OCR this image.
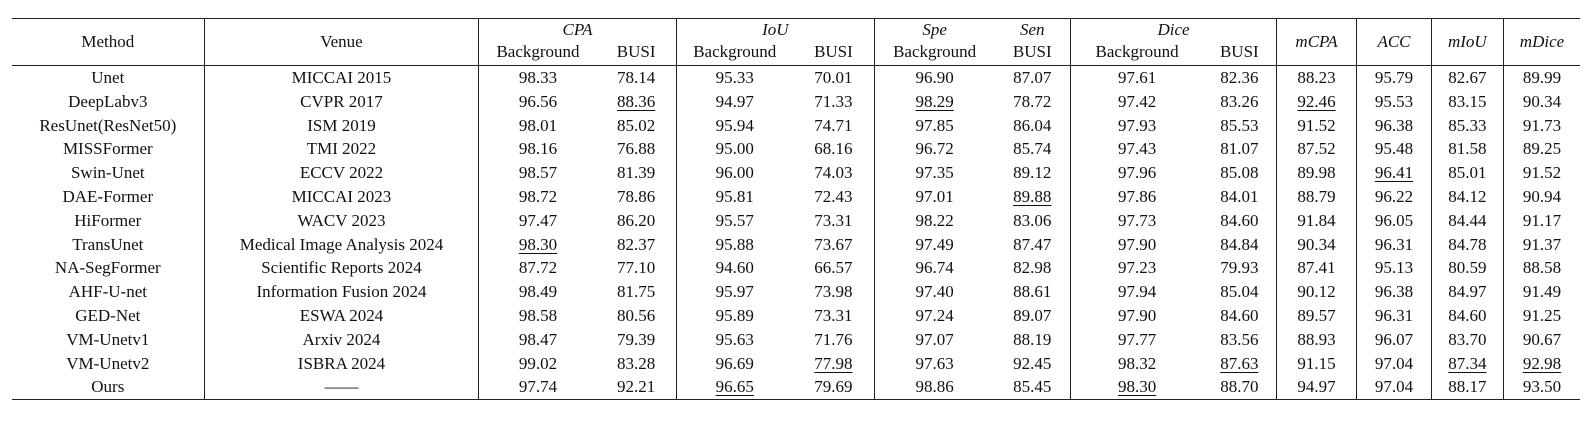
Method	Venue	CPA		IoU		Spe	Sen	Dice		mCPA	ACC	mIoU	mDice
		Background	BUSI	Background	BUSI	Background	BUSI	Background	BUSI				
Unet	MICCAI 2015	98.33	78.14	95.33	70.01	96.90	87.07	97.61	82.36	88.23	95.79	82.67	89.99
DeepLabv3	CVPR 2017	96.56	88.36	94.97	71.33	98.29	78.72	97.42	83.26	92.46	95.53	83.15	90.34
ResUnet(ResNet50)	ISM 2019	98.01	85.02	95.94	74.71	97.85	86.04	97.93	85.53	91.52	96.38	85.33	91.73
MISSFormer	TMI 2022	98.16	76.88	95.00	68.16	96.72	85.74	97.43	81.07	87.52	95.48	81.58	89.25
Swin-Unet	ECCV 2022	98.57	81.39	96.00	74.03	97.35	89.12	97.96	85.08	89.98	96.41	85.01	91.52
DAE-Former	MICCAI 2023	98.72	78.86	95.81	72.43	97.01	89.88	97.86	84.01	88.79	96.22	84.12	90.94
HiFormer	WACV 2023	97.47	86.20	95.57	73.31	98.22	83.06	97.73	84.60	91.84	96.05	84.44	91.17
TransUnet	Medical Image Analysis 2024	98.30	82.37	95.88	73.67	97.49	87.47	97.90	84.84	90.34	96.31	84.78	91.37
NA-SegFormer	Scientific Reports 2024	87.72	77.10	94.60	66.57	96.74	82.98	97.23	79.93	87.41	95.13	80.59	88.58
AHF-U-net	Information Fusion 2024	98.49	81.75	95.97	73.98	97.40	88.61	97.94	85.04	90.12	96.38	84.97	91.49
GED-Net	ESWA 2024	98.58	80.56	95.89	73.31	97.24	89.07	97.90	84.60	89.57	96.31	84.60	91.25
VM-Unetv1	Arxiv 2024	98.47	79.39	95.63	71.76	97.07	88.19	97.77	83.56	88.93	96.07	83.70	90.67
VM-Unetv2	ISBRA 2024	99.02	83.28	96.69	77.98	97.63	92.45	98.32	87.63	91.15	97.04	87.34	92.98
Ours	——	97.74	92.21	96.65	79.69	98.86	85.45	98.30	88.70	94.97	97.04	88.17	93.50
